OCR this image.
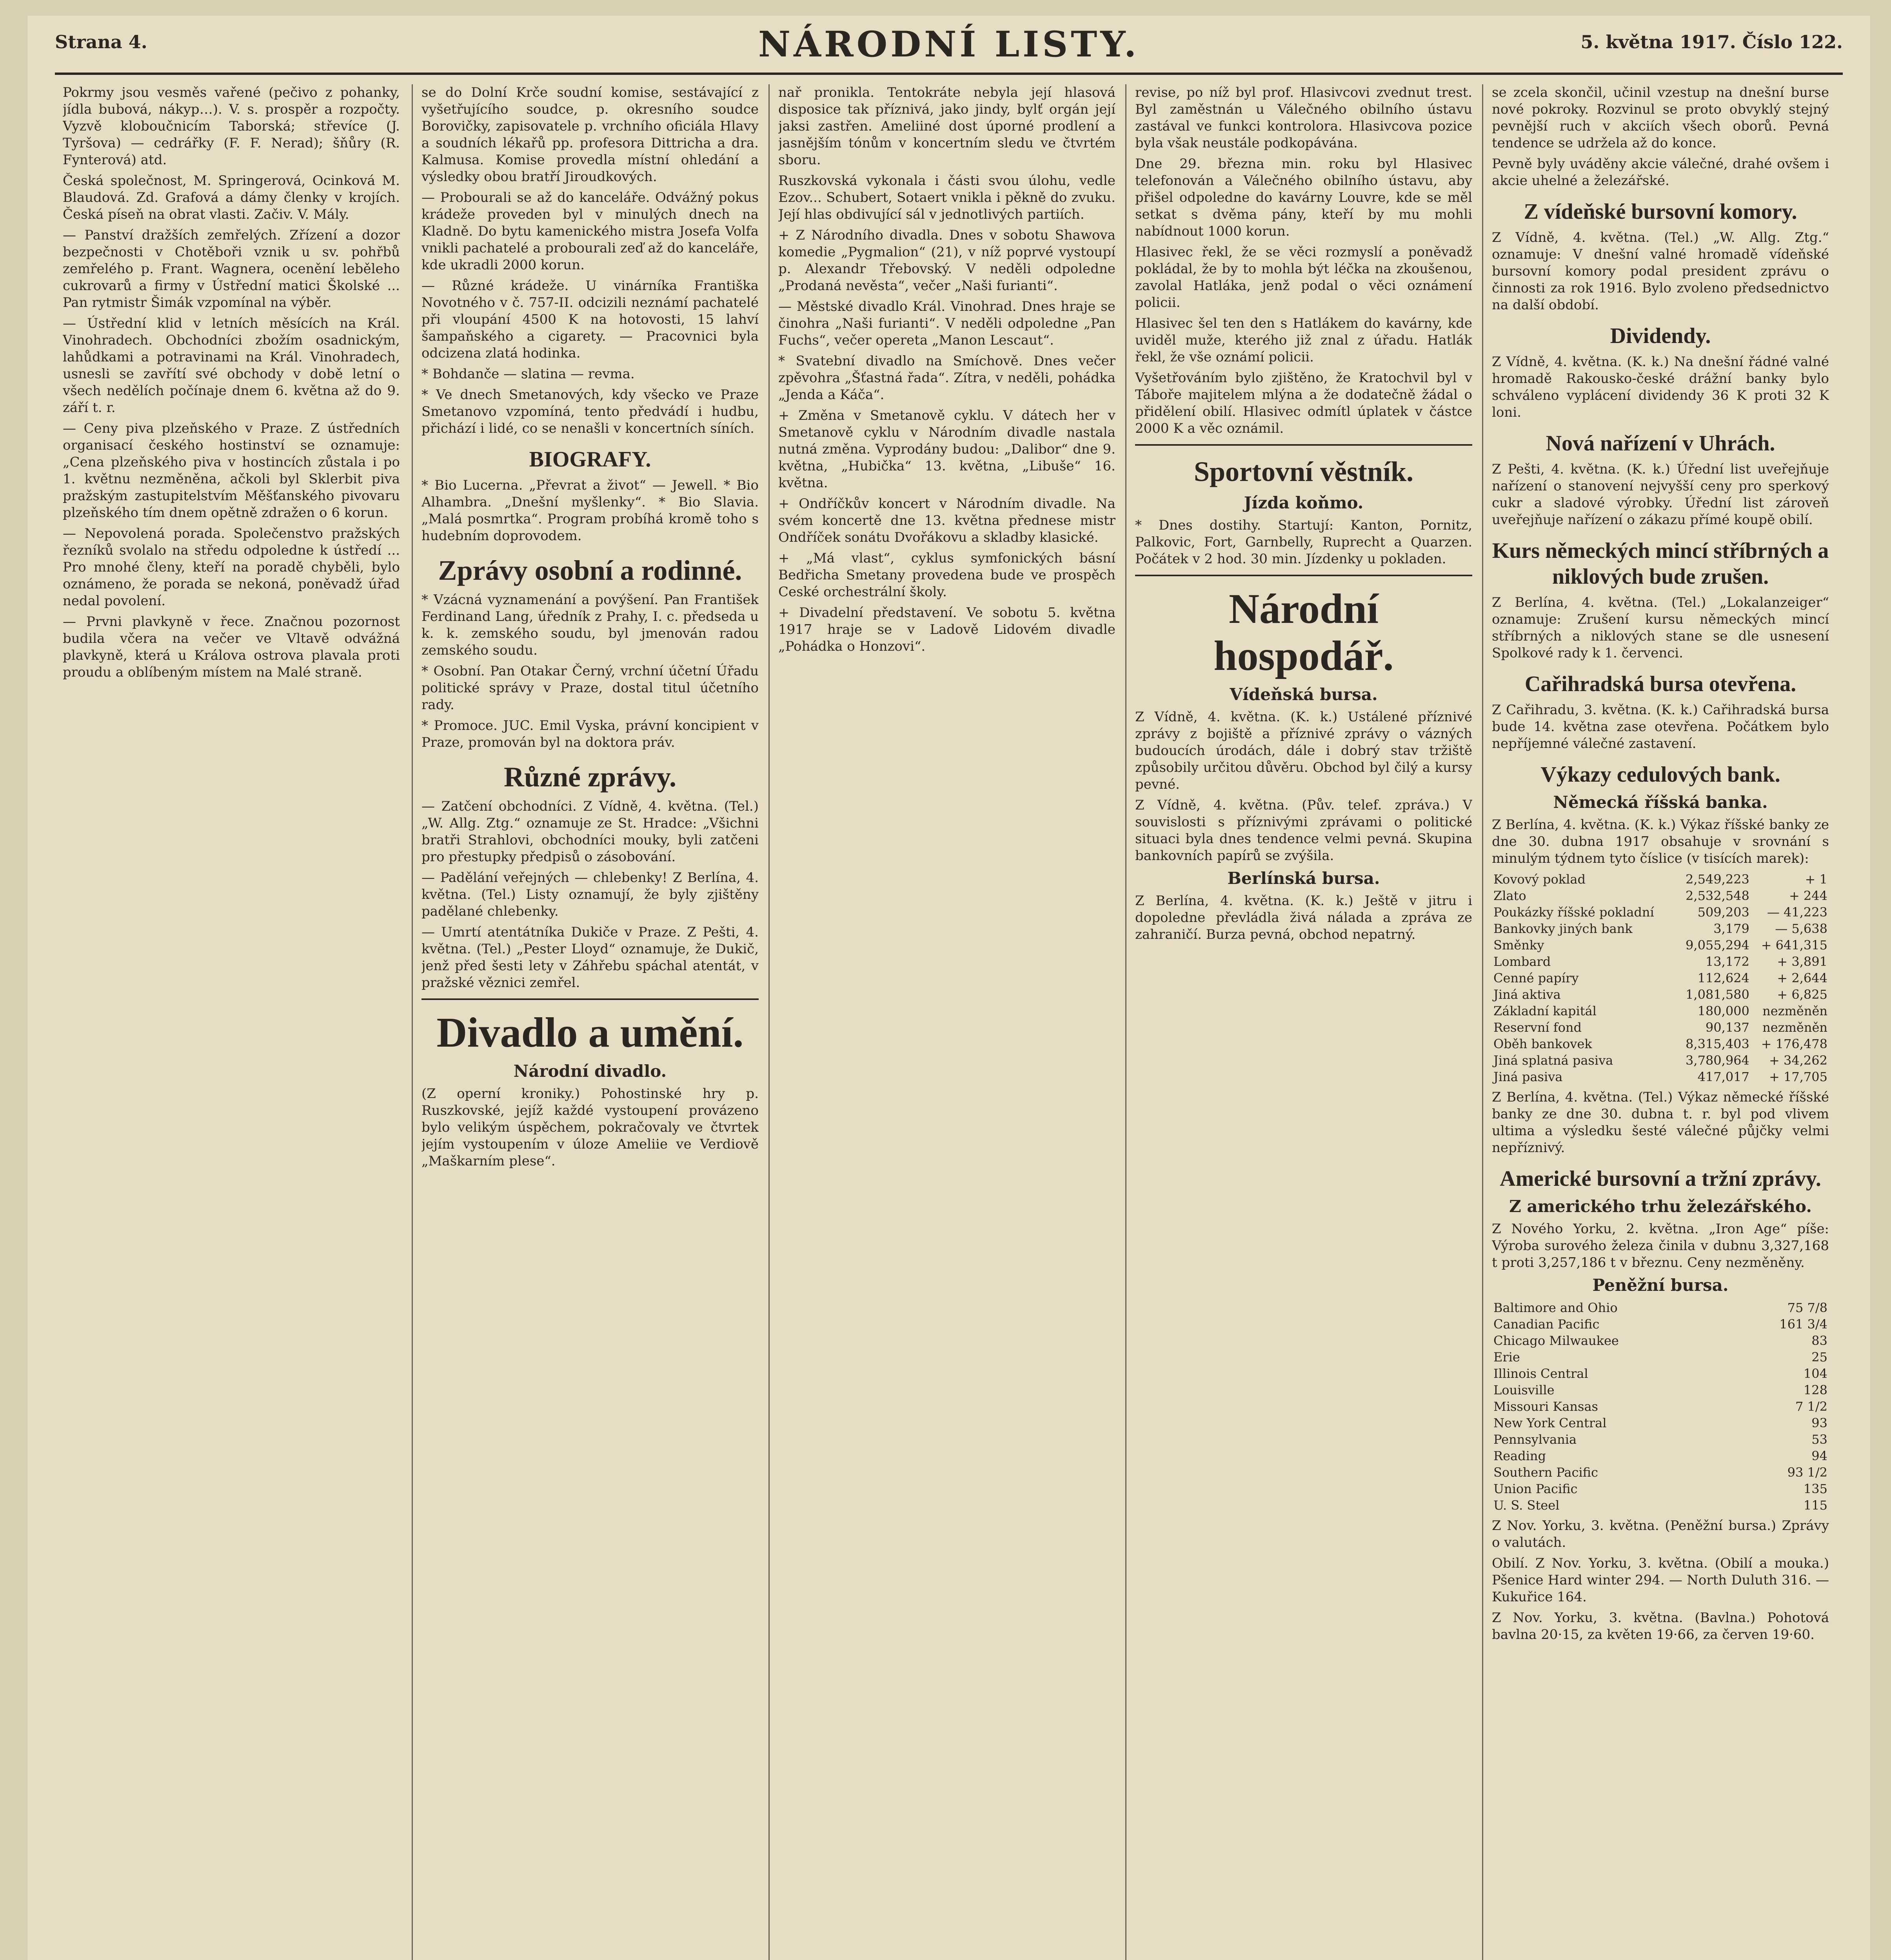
Strana 4.	NÁRODNÍ LISTY.	5. května 1917. Číslo 122.

Pokrmy jsou vesměs vařené (pečivo z pohanky, jídla bubová, nákyp…). V. s. prospěr a rozpočty. Vyzvě kloboučnicím Taborská; střevíce (J. Tyršova) — cedrářky (F. F. Nerad); šňůry (R. Fynterová) atd.

Česká společnost, M. Springerová, Ocinková M. Blaudová. Zd. Grafová a dámy členky v krojích. Česká píseň na obrat vlasti. Začiv. V. Mály.

— Panství dražších zemřelých. Zřízení a dozor bezpečnosti v Chotěboři vznik u sv. pohřbů zemřelého p. Frant. Wagnera, ocenění leběleho cukrovarů a firmy v Ústřední matici Školské ... Pan rytmistr Šimák vzpomínal na výběr.

— Ústřední klid v letních měsících na Král. Vinohradech. Obchodníci zbožím osadnickým, lahůdkami a potravinami na Král. Vinohradech, usnesli se zavřítí své obchody v době letní o všech nedělích počínaje dnem 6. května až do 9. září t. r.

— Ceny piva plzeňského v Praze. Z ústředních organisací českého hostinství se oznamuje: „Cena plzeňského piva v hostincích zůstala i po 1. květnu nezměněna, ačkoli byl Sklerbit piva pražským zastupitelstvím Měšťanského pivovaru plzeňského tím dnem opětně zdražen o 6 korun.

— Nepovolená porada. Společenstvo pražských řezníků svolalo na středu odpoledne k ústředí ... Pro mnohé členy, kteří na poradě chyběli, bylo oznámeno, že porada se nekoná, poněvadž úřad nedal povolení.

— Prvni plavkyně v řece. Značnou pozornost budila včera na večer ve Vltavě odvážná plavkyně, která u Králova ostrova plavala proti proudu a oblíbeným místem na Malé straně.

se do Dolní Krče soudní komise, sestávající z vyšetřujícího soudce, p. okresního soudce Borovičky, zapisovatele p. vrchního oficiála Hlavy a soudních lékařů pp. profesora Dittricha a dra. Kalmusa. Komise provedla místní ohledání a výsledky obou bratří Jiroudkových.

— Probourali se až do kanceláře. Odvážný pokus krádeže proveden byl v minulých dnech na Kladně. Do bytu kamenického mistra Josefa Volfa vnikli pachatelé a probourali zeď až do kanceláře, kde ukradli 2000 korun.

— Různé krádeže. U vinárníka Františka Novotného v č. 757-II. odcizili neznámí pachatelé při vloupání 4500 K na hotovosti, 15 lahví šampaňského a cigarety. — Pracovnici byla odcizena zlatá hodinka.

* Bohdanče — slatina — revma.

* Ve dnech Smetanových, kdy všecko ve Praze Smetanovo vzpomíná, tento předvádí i hudbu, přichází i lidé, co se nenašli v koncertních síních.

BIOGRAFY.

* Bio Lucerna. „Převrat a život“ — Jewell. * Bio Alhambra. „Dnešní myšlenky“. * Bio Slavia. „Malá posmrtka“. Program probíhá kromě toho s hudebním doprovodem.

Zprávy osobní a rodinné.

* Vzácná vyznamenání a povýšení. Pan František Ferdinand Lang, úředník z Prahy, I. c. předseda u k. k. zemského soudu, byl jmenován radou zemského soudu.

* Osobní. Pan Otakar Černý, vrchní účetní Úřadu politické správy v Praze, dostal titul účetního rady.

* Promoce. JUC. Emil Vyska, právní koncipient v Praze, promován byl na doktora práv.

Různé zprávy.

— Zatčení obchodníci. Z Vídně, 4. května. (Tel.) „W. Allg. Ztg.“ oznamuje ze St. Hradce: „Všichni bratři Strahlovi, obchodníci mouky, byli zatčeni pro přestupky předpisů o zásobování.

— Padělání veřejných — chlebenky! Z Berlína, 4. května. (Tel.) Listy oznamují, že byly zjištěny padělané chlebenky.

— Umrtí atentátníka Dukiče v Praze. Z Pešti, 4. května. (Tel.) „Pester Lloyd“ oznamuje, že Dukič, jenž před šesti lety v Záhřebu spáchal atentát, v pražské věznici zemřel.

Divadlo a umění.
Národní divadlo.

(Z operní kroniky.) Pohostinské hry p. Ruszkovské, jejíž každé vystoupení provázeno bylo velikým úspěchem, pokračovaly ve čtvrtek jejím vystoupením v úloze Ameliie ve Verdiově „Maškarním plese“.

nař pronikla. Tentokráte nebyla její hlasová disposice tak příznivá, jako jindy, bylť orgán její jaksi zastřen. Ameliiné dost úporné prodlení a jasnějším tónům v koncertním sledu ve čtvrtém sboru.

Ruszkovská vykonala i části svou úlohu, vedle Ezov... Schubert, Sotaert vnikla i pěkně do zvuku. Její hlas obdivující sál v jednotlivých partiích.

+ Z Národního divadla. Dnes v sobotu Shawova komedie „Pygmalion“ (21), v níž poprvé vystoupí p. Alexandr Třebovský. V neděli odpoledne „Prodaná nevěsta“, večer „Naši furianti“.

— Městské divadlo Král. Vinohrad. Dnes hraje se činohra „Naši furianti“. V neděli odpoledne „Pan Fuchs“, večer opereta „Manon Lescaut“.

* Svatební divadlo na Smíchově. Dnes večer zpěvohra „Šťastná řada“. Zítra, v neděli, pohádka „Jenda a Káča“.

+ Změna v Smetanově cyklu. V dátech her v Smetanově cyklu v Národním divadle nastala nutná změna. Vyprodány budou: „Dalibor“ dne 9. května, „Hubička“ 13. května, „Libuše“ 16. května.

+ Ondříčkův koncert v Národním divadle. Na svém koncertě dne 13. května přednese mistr Ondříček sonátu Dvořákovu a skladby klasické.

+ „Má vlast“, cyklus symfonických básní Bedřicha Smetany provedena bude ve prospěch Ceské orchestrální školy.

+ Divadelní představení. Ve sobotu 5. května 1917 hraje se v Ladově Lidovém divadle „Pohádka o Honzovi“.

revise, po níž byl prof. Hlasivcovi zvednut trest. Byl zaměstnán u Válečného obilního ústavu zastával ve funkci kontrolora. Hlasivcova pozice byla však neustále podkopávána.

Dne 29. března min. roku byl Hlasivec telefonován a Válečného obilního ústavu, aby přišel odpoledne do kavárny Louvre, kde se měl setkat s dvěma pány, kteří by mu mohli nabídnout 1000 korun.

Hlasivec řekl, že se věci rozmyslí a poněvadž pokládal, že by to mohla být léčka na zkoušenou, zavolal Hatláka, jenž podal o věci oznámení policii.

Hlasivec šel ten den s Hatlákem do kavárny, kde uviděl muže, kterého již znal z úřadu. Hatlák řekl, že vše oznámí policii.

Vyšetřováním bylo zjištěno, že Kratochvil byl v Táboře majitelem mlýna a že dodatečně žádal o přidělení obilí. Hlasivec odmítl úplatek v částce 2000 K a věc oznámil.

Sportovní věstník.
Jízda koňmo.

* Dnes dostihy. Startují: Kanton, Pornitz, Palkovic, Fort, Garnbelly, Ruprecht a Quarzen. Počátek v 2 hod. 30 min. Jízdenky u pokladen.

Národní hospodář.
Vídeňská bursa.

Z Vídně, 4. května. (K. k.) Ustálené příznivé zprávy z bojiště a příznivé zprávy o vázných budoucích úrodách, dále i dobrý stav tržiště způsobily určitou důvěru. Obchod byl čilý a kursy pevné.

Z Vídně, 4. května. (Pův. telef. zpráva.) V souvislosti s příznivými zprávami o politické situaci byla dnes tendence velmi pevná. Skupina bankovních papírů se zvýšila.

Berlínská bursa.

Z Berlína, 4. května. (K. k.) Ještě v jitru i dopoledne převládla živá nálada a zpráva ze zahraničí. Burza pevná, obchod nepatrný.

se zcela skončil, učinil vzestup na dnešní burse nové pokroky. Rozvinul se proto obvyklý stejný pevnější ruch v akciích všech oborů. Pevná tendence se udržela až do konce.

Pevně byly uváděny akcie válečné, drahé ovšem i akcie uhelné a železářské.

Z vídeňské bursovní komory.

Z Vídně, 4. května. (Tel.) „W. Allg. Ztg.“ oznamuje: V dnešní valné hromadě vídeňské bursovní komory podal president zprávu o činnosti za rok 1916. Bylo zvoleno předsednictvo na další období.

Dividendy.

Z Vídně, 4. května. (K. k.) Na dnešní řádné valné hromadě Rakousko-české drážní banky bylo schváleno vyplácení dividendy 36 K proti 32 K loni.

Nová nařízení v Uhrách.

Z Pešti, 4. května. (K. k.) Úřední list uveřejňuje nařízení o stanovení nejvyšší ceny pro sperkový cukr a sladové výrobky. Úřední list zároveň uveřejňuje nařízení o zákazu přímé koupě obilí.

Kurs německých mincí stříbrných a niklových bude zrušen.

Z Berlína, 4. května. (Tel.) „Lokalanzeiger“ oznamuje: Zrušení kursu německých mincí stříbrných a niklových stane se dle usnesení Spolkové rady k 1. červenci.

Cařihradská bursa otevřena.

Z Cařihradu, 3. května. (K. k.) Cařihradská bursa bude 14. května zase otevřena. Počátkem bylo nepříjemné válečné zastavení.

Výkazy cedulových bank.
Německá říšská banka.

Z Berlína, 4. května. (K. k.) Výkaz říšské banky ze dne 30. dubna 1917 obsahuje v srovnání s minulým týdnem tyto číslice (v tisících marek):

Kovový poklad	2,549,223	+ 1
Zlato	2,532,548	+ 244
Poukázky říšské pokladní	509,203	— 41,223
Bankovky jiných bank	3,179	— 5,638
Směnky	9,055,294	+ 641,315
Lombard	13,172	+ 3,891
Cenné papíry	112,624	+ 2,644
Jiná aktiva	1,081,580	+ 6,825
Základní kapitál	180,000	nezměněn
Reservní fond	90,137	nezměněn
Oběh bankovek	8,315,403	+ 176,478
Jiná splatná pasiva	3,780,964	+ 34,262
Jiná pasiva	417,017	+ 17,705

Z Berlína, 4. května. (Tel.) Výkaz německé říšské banky ze dne 30. dubna t. r. byl pod vlivem ultima a výsledku šesté válečné půjčky velmi nepříznivý.

Americké bursovní a tržní zprávy.
Z amerického trhu železářského.

Z Nového Yorku, 2. května. „Iron Age“ píše: Výroba surového železa činila v dubnu 3,327,168 t proti 3,257,186 t v březnu. Ceny nezměněny.

Peněžní bursa.
Baltimore and Ohio	75 7/8
Canadian Pacific	161 3/4
Chicago Milwaukee	83
Erie	25
Illinois Central	104
Louisville	128
Missouri Kansas	7 1/2
New York Central	93
Pennsylvania	53
Reading	94
Southern Pacific	93 1/2
Union Pacific	135
U. S. Steel	115

Z Nov. Yorku, 3. května. (Peněžní bursa.) Zprávy o valutách.

Obilí. Z Nov. Yorku, 3. května. (Obilí a mouka.) Pšenice Hard winter 294. — North Duluth 316. — Kukuřice 164.

Z Nov. Yorku, 3. května. (Bavlna.) Pohotová bavlna 20·15, za květen 19·66, za červen 19·60.
